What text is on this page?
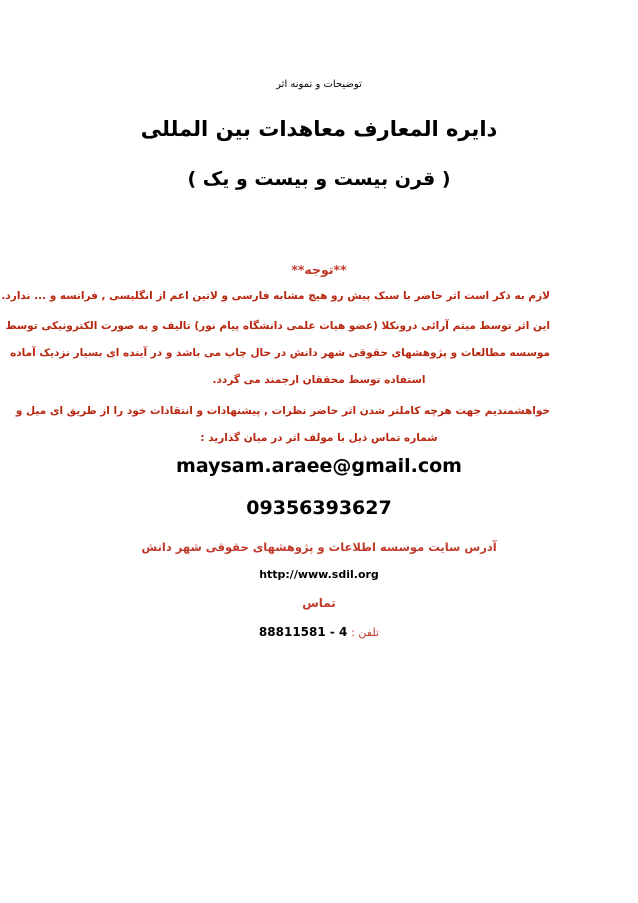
توضیحات و نمونه اثر
دایره المعارف معاهدات بین المللی
( قرن بیست و بیست و یک )
**توجه**
لازم به ذکر است اثر حاضر با سبک پیش رو هیچ مشابه فارسی و لاتین اعم از انگلیسی , فرانسه و ... ندارد.
این اثر توسط میثم آرائی درونکلا (عضو هیات علمی دانشگاه پیام نور) تالیف و به صورت الکترونیکی توسط
موسسه مطالعات و پژوهشهای حقوقی شهر دانش در حال چاپ می باشد و در آینده ای بسیار نزدیک آماده
استفاده توسط محققان ارجمند می گردد.
خواهشمندیم جهت هرچه کاملتر شدن اثر حاضر نظرات , پیشنهادات و انتقادات خود را از طریق ای میل و
شماره تماس ذیل با مولف اثر در میان گذارید :
maysam.araee@gmail.com
09356393627
آدرس سایت موسسه اطلاعات و پژوهشهای حقوقی شهر دانش
http://www.sdil.org
تماس
تلفن : 88811581 - 4
